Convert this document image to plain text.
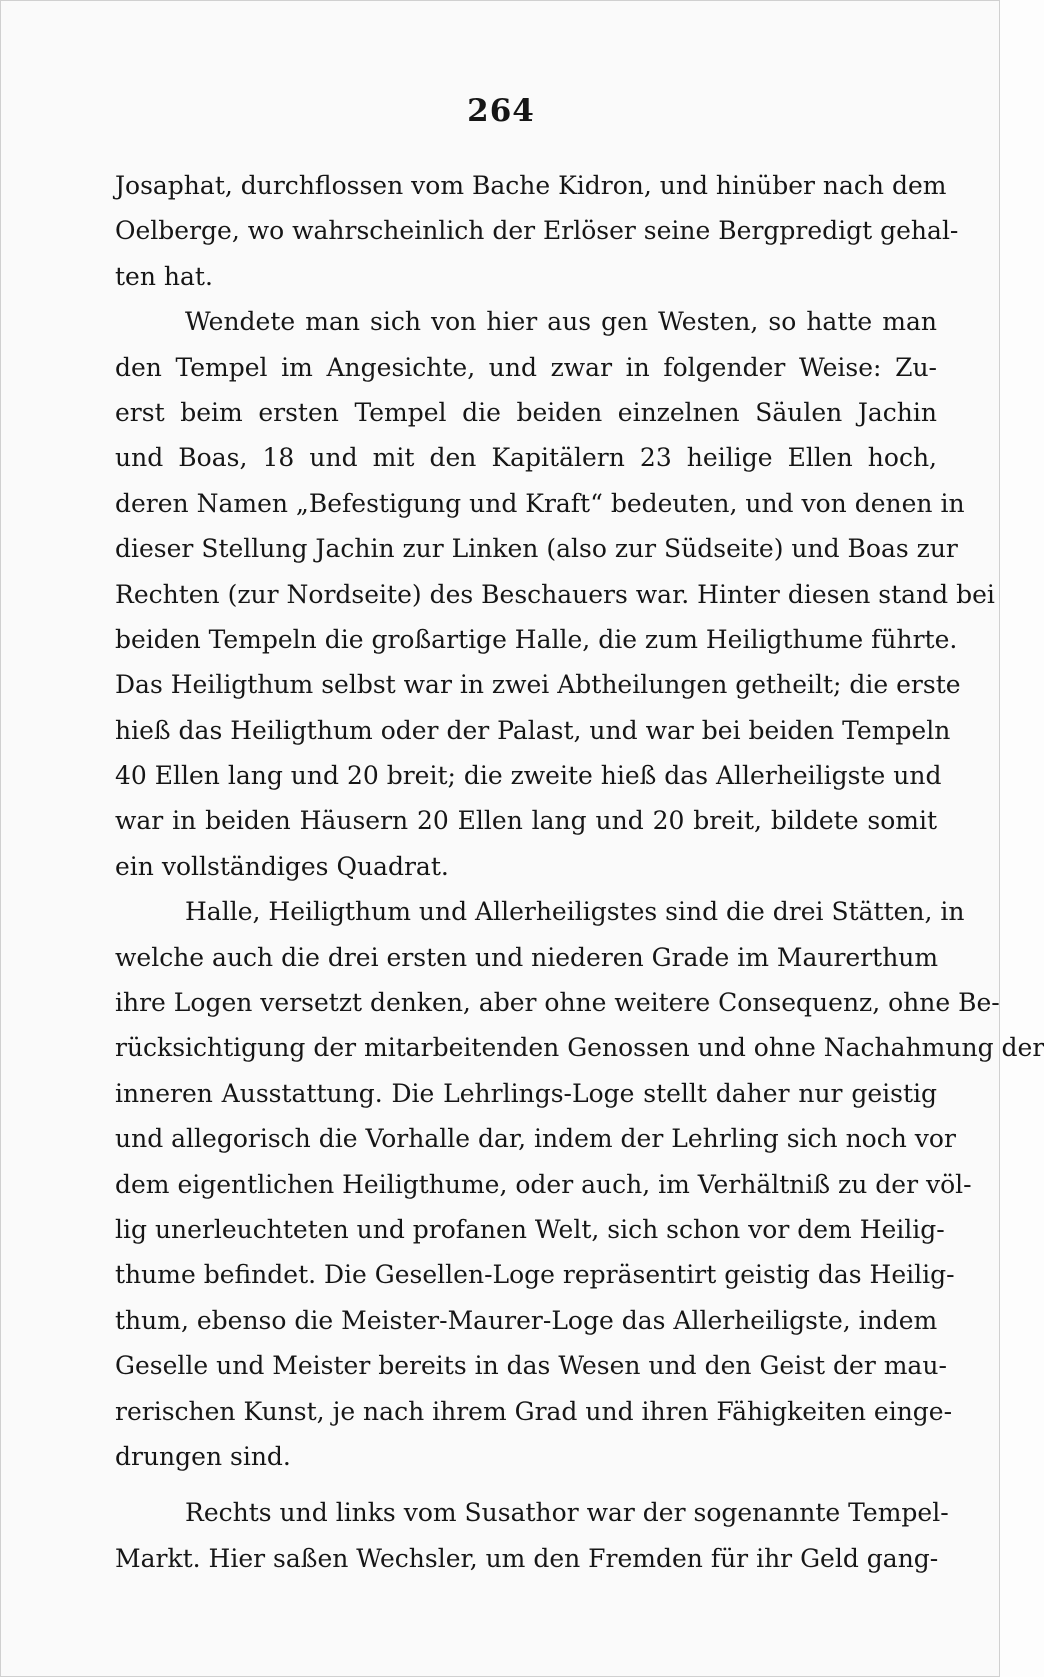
264
Josaphat, durchflossen vom Bache Kidron, und hinüber nach dem
Oelberge, wo wahrscheinlich der Erlöser seine Bergpredigt gehal-
ten hat.
Wendete man sich von hier aus gen Westen, so hatte man
den Tempel im Angesichte, und zwar in folgender Weise: Zu-
erst beim ersten Tempel die beiden einzelnen Säulen Jachin
und Boas, 18 und mit den Kapitälern 23 heilige Ellen hoch,
deren Namen „Befestigung und Kraft“ bedeuten, und von denen in
dieser Stellung Jachin zur Linken (also zur Südseite) und Boas zur
Rechten (zur Nordseite) des Beschauers war. Hinter diesen stand bei
beiden Tempeln die großartige Halle, die zum Heiligthume führte.
Das Heiligthum selbst war in zwei Abtheilungen getheilt; die erste
hieß das Heiligthum oder der Palast, und war bei beiden Tempeln
40 Ellen lang und 20 breit; die zweite hieß das Allerheiligste und
war in beiden Häusern 20 Ellen lang und 20 breit, bildete somit
ein vollständiges Quadrat.
Halle, Heiligthum und Allerheiligstes sind die drei Stätten, in
welche auch die drei ersten und niederen Grade im Maurerthum
ihre Logen versetzt denken, aber ohne weitere Consequenz, ohne Be-
rücksichtigung der mitarbeitenden Genossen und ohne Nachahmung der
inneren Ausstattung. Die Lehrlings-Loge stellt daher nur geistig
und allegorisch die Vorhalle dar, indem der Lehrling sich noch vor
dem eigentlichen Heiligthume, oder auch, im Verhältniß zu der völ-
lig unerleuchteten und profanen Welt, sich schon vor dem Heilig-
thume befindet. Die Gesellen-Loge repräsentirt geistig das Heilig-
thum, ebenso die Meister-Maurer-Loge das Allerheiligste, indem
Geselle und Meister bereits in das Wesen und den Geist der mau-
rerischen Kunst, je nach ihrem Grad und ihren Fähigkeiten einge-
drungen sind.
Rechts und links vom Susathor war der sogenannte Tempel-
Markt. Hier saßen Wechsler, um den Fremden für ihr Geld gang-
